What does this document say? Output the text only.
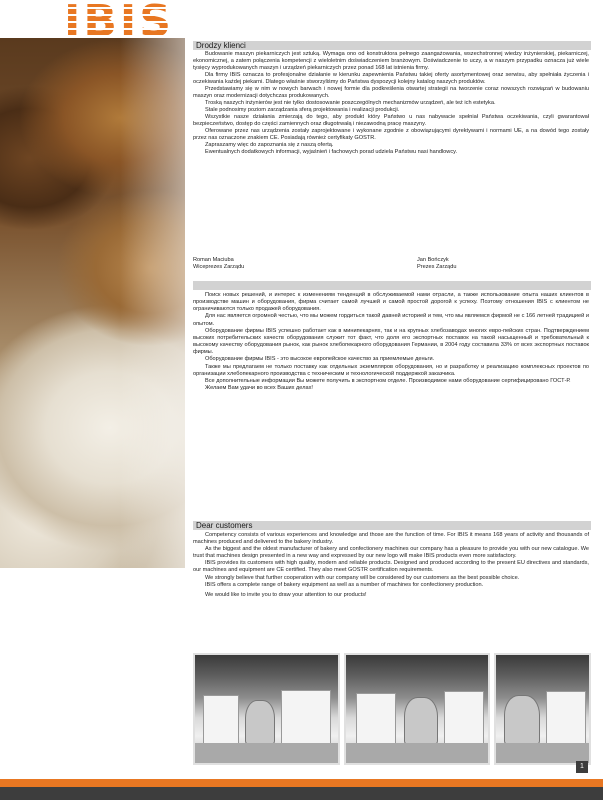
IBIS	Drodzy klienci

Budowanie maszyn piekarniczych jest sztuką. Wymaga ono od konstruktora pełnego zaangażowania, wszechstronnej wiedzy inżynierskiej, piekarniczej, ekonomicznej, a zatem połączenia kompetencji z wieloletnim doświadczeniem branżowym. Doświadczenie to uczy, a w naszym przypadku oznacza już wiele tysięcy wyprodukowanych maszyn i urządzeń piekarniczych przez ponad 168 lat istnienia firmy.

Dla firmy IBIS oznacza to profesjonalne działanie w kierunku zapewnienia Państwu takiej oferty asortymentowej oraz serwisu, aby spełniała życzenia i oczekiwania każdej piekarni. Dlatego właśnie stworzyliśmy do Państwa dyspozycji kolejny katalog naszych produktów.

Przedstawiamy się w nim w nowych barwach i nowej formie dla podkreślenia otwartej strategii na tworzenie coraz nowszych rozwiązań w budowaniu maszyn oraz modernizacji dotychczas produkowanych.

Troską naszych inżynierów jest nie tylko dostosowanie poszczególnych mechanizmów urządzeń, ale też ich estetyka.

Stale podnosimy poziom zarządzania sferą projektowania i realizacji produkcji.

Wszystkie nasze działania zmierzają do tego, aby produkt który Państwo u nas nabywacie spełniał Państwa oczekiwania, czyli gwarantował bezpieczeństwo, dostęp do części zamiennych oraz długotrwałą i niezawodną pracę maszyny.

Oferowane przez nas urządzenia zostały zaprojektowane i wykonane zgodnie z obowiązującymi dyrektywami i normami UE, a na dowód tego zostały przez nas oznaczone znakiem CE. Posiadają również certyfikaty GOSTR.

Zapraszamy więc do zapoznania się z naszą ofertą.

Ewentualnych dodatkowych informacji, wyjaśnień i fachowych porad udziela Państwu nasi handlowcy.

Roman Maciuba
Wiceprezes Zarządu
Jan Bończyk
Prezes Zarządu

Поиск новых решений, и интерес к изменениям тенденций в обслуживаемой нами отрасли, а также использование опыта наших клиентов в производстве машин и оборудования, фирма считает самой лучшей и самой простой дорогой к успеху. Поэтому отношения IBIS с клиентом не ограничиваются только продажей оборудования.

Для нас является огромной честью, что мы можем гордиться такой давней историей и тем, что мы являемся фирмой не с 166 летней традицией и опытом.

Оборудование фирмы IBIS успешно работает как в минипекарнях, так и на крупных хлебозаводах многих евро-пейских стран. Подтверждением высоких потребительских качеств оборудования служит тот факт, что доля его экспортных поставок на такой насыщенный и требовательный к высокому качеству оборудования рынок, как рынок хлебопекарного оборудования Германии, в 2004 году составила 33% от всех экспортных поставок фирмы.

Оборудование фирмы IBIS - это высокое европейское качество за приемлемые деньги.

Также мы предлагаем не только поставку как отдельных экземпляров оборудования, но и разработку и реализацию комплексных проектов по организации хлебопекарного производства с техническим и технологической поддержкой заказчика.

Все дополнительные информации Вы можете получить в экспортном отделе. Производимое нами оборудование сертифицировано ГОСТ-Р.

Желаем Вам удачи во всех Ваших делах!

Dear customers

Competency consists of various experiences and knowledge and those are the function of time. For IBIS it means 168 years of activity and thousands of machines produced and delivered to the bakery industry.

As the biggest and the oldest manufacturer of bakery and confectionery machines our company has a pleasure to provide you with our new catalogue. We trust that machines design presented in a new way and expressed by our new logo will make IBIS products even more satisfactory.

IBIS provides its customers with high quality, modern and reliable products. Designed and produced according to the present EU directives and standards, our machines and equipment are CE certified. They also meet GOSTR certification requirements.

We strongly believe that further cooperation with our company will be considered by our customers as the best possible choice.

IBIS offers a complete range of bakery equipment as well as a number of machines for confectionery production.

We would like to invite you to draw your attention to our products!

1
